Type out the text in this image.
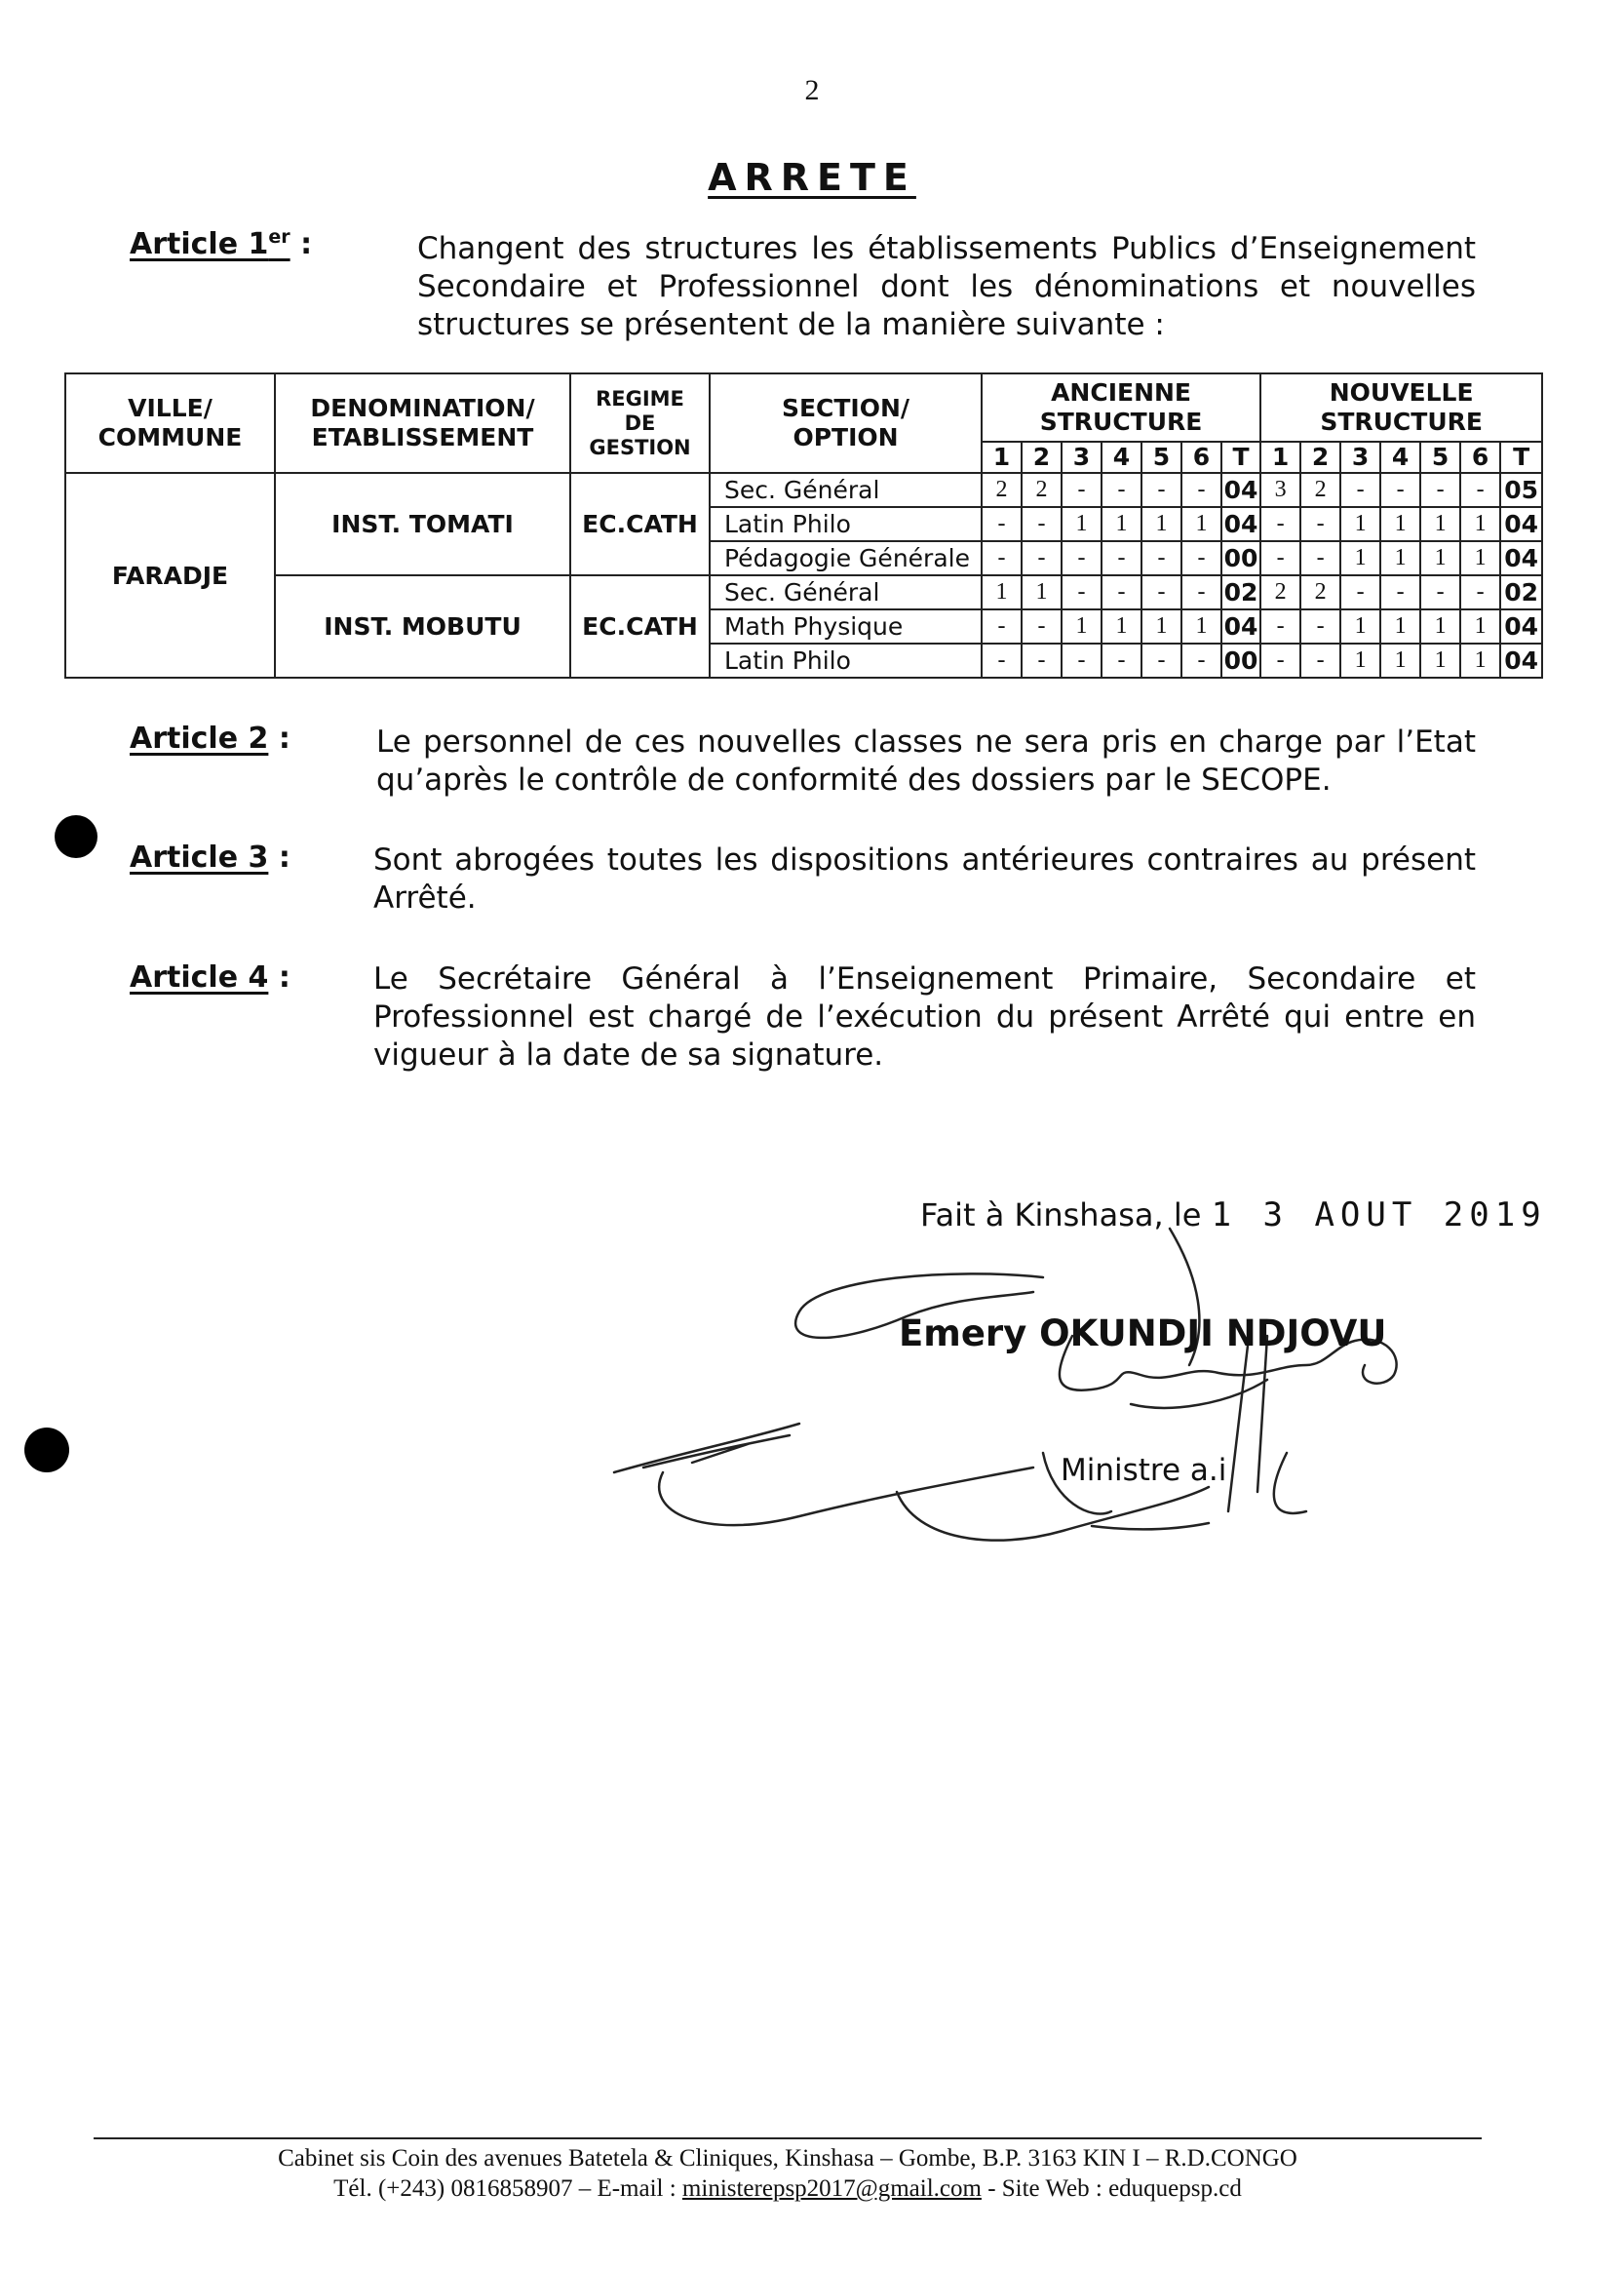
2
ARRETE
Article 1er :	Changent des structures les établissements Publics d’Enseignement Secondaire et Professionnel dont les dénominations et nouvelles structures se présentent de la manière suivante :
VILLE/ COMMUNE	DENOMINATION/ ETABLISSEMENT	REGIME DE GESTION	SECTION/ OPTION	ANCIENNE STRUCTURE							NOUVELLE STRUCTURE						

				1	2	3	4	5	6	T	1	2	3	4	5	6	T
FARADJE	INST. TOMATI	EC.CATH	Sec. Général	2	2	-	-	-	-	04	3	2	-	-	-	-	05
			Latin Philo	-	-	1	1	1	1	04	-	-	1	1	1	1	04
			Pédagogie Générale	-	-	-	-	-	-	00	-	-	1	1	1	1	04
	INST. MOBUTU	EC.CATH	Sec. Général	1	1	-	-	-	-	02	2	2	-	-	-	-	02
			Math Physique	-	-	1	1	1	1	04	-	-	1	1	1	1	04
			Latin Philo	-	-	-	-	-	-	00	-	-	1	1	1	1	04
Article 2 :	Le personnel de ces nouvelles classes ne sera pris en charge par l’Etat qu’après le contrôle de conformité des dossiers par le SECOPE.
Article 3 :	Sont abrogées toutes les dispositions antérieures contraires au présent Arrêté.
Article 4 :	Le Secrétaire Général à l’Enseignement Primaire, Secondaire et Professionnel est chargé de l’exécution du présent Arrêté qui entre en vigueur à la date de sa signature.
Fait à Kinshasa, le 1 3 AOUT 2019
Emery OKUNDJI NDJOVU
Ministre a.i
Cabinet sis Coin des avenues Batetela & Cliniques, Kinshasa – Gombe, B.P. 3163 KIN I – R.D.CONGO
Tél. (+243) 0816858907 – E-mail : ministerepsp2017@gmail.com - Site Web : eduquepsp.cd
